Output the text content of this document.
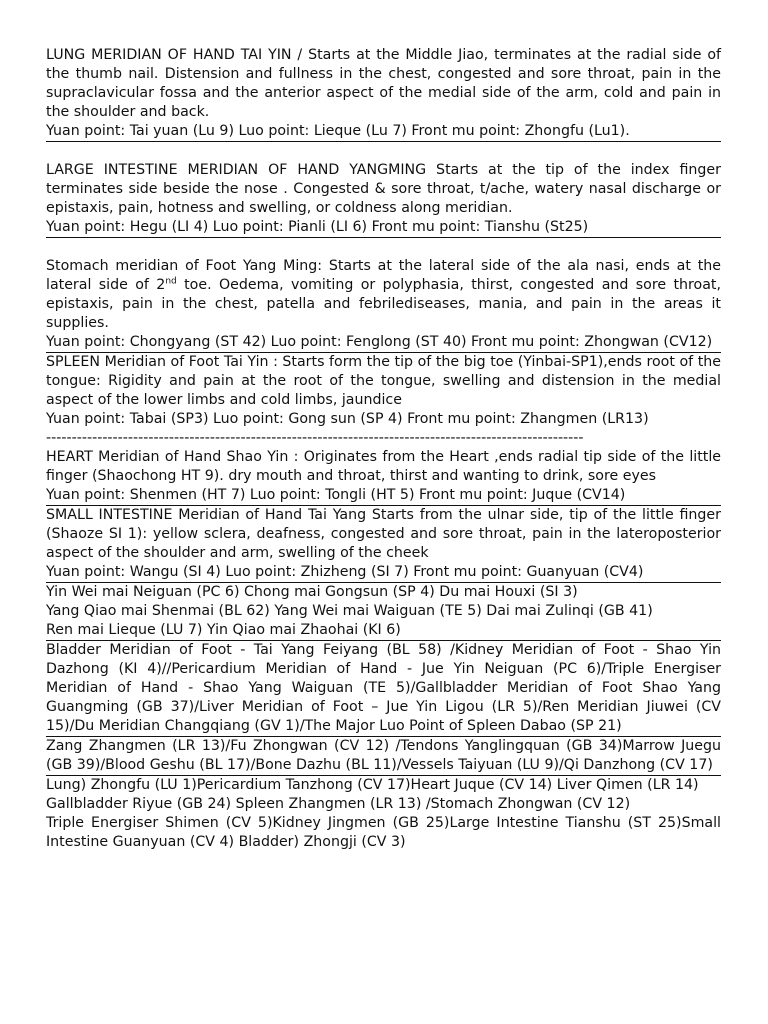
LUNG MERIDIAN OF HAND TAI YIN / Starts at the Middle Jiao, terminates at the radial side of the thumb nail. Distension and fullness in the chest, congested and sore throat, pain in the supraclavicular fossa and the anterior aspect of the medial side of the arm, cold and pain in the shoulder and back.

Yuan point: Tai yuan (Lu 9) Luo point: Lieque (Lu 7) Front mu point: Zhongfu (Lu1).

LARGE INTESTINE MERIDIAN OF HAND YANGMING Starts at the tip of the index finger terminates side beside the nose . Congested & sore throat, t/ache, watery nasal discharge or epistaxis, pain, hotness and swelling, or coldness along meridian.

Yuan point: Hegu (LI 4) Luo point: Pianli (LI 6) Front mu point: Tianshu (St25)

Stomach meridian of Foot Yang Ming: Starts at the lateral side of the ala nasi, ends at the lateral side of 2nd toe. Oedema, vomiting or polyphasia, thirst, congested and sore throat, epistaxis, pain in the chest, patella and febrilediseases, mania, and pain in the areas it supplies.

Yuan point: Chongyang (ST 42) Luo point: Fenglong (ST 40) Front mu point: Zhongwan (CV12)

SPLEEN Meridian of Foot Tai Yin : Starts form the tip of the big toe (Yinbai-SP1),ends root of the tongue: Rigidity and pain at the root of the tongue, swelling and distension in the medial aspect of the lower limbs and cold limbs, jaundice

Yuan point: Tabai (SP3) Luo point: Gong sun (SP 4) Front mu point: Zhangmen (LR13)

---------------------------------------------------------------------------------------------------------

HEART Meridian of Hand Shao Yin : Originates from the Heart ,ends radial tip side of the little finger (Shaochong HT 9). dry mouth and throat, thirst and wanting to drink, sore eyes

Yuan point: Shenmen (HT 7) Luo point: Tongli (HT 5) Front mu point: Juque (CV14)

SMALL INTESTINE Meridian of Hand Tai Yang Starts from the ulnar side, tip of the little finger (Shaoze SI 1): yellow sclera, deafness, congested and sore throat, pain in the lateroposterior aspect of the shoulder and arm, swelling of the cheek

Yuan point: Wangu (SI 4) Luo point: Zhizheng (SI 7) Front mu point: Guanyuan (CV4)

Yin Wei mai Neiguan (PC 6) Chong mai Gongsun (SP 4) Du mai Houxi (SI 3)

Yang Qiao mai Shenmai (BL 62) Yang Wei mai Waiguan (TE 5) Dai mai Zulinqi (GB 41)

Ren mai Lieque (LU 7) Yin Qiao mai Zhaohai (KI 6)

Bladder Meridian of Foot - Tai Yang Feiyang (BL 58) /Kidney Meridian of Foot - Shao Yin Dazhong (KI 4)//Pericardium Meridian of Hand - Jue Yin Neiguan (PC 6)/Triple Energiser Meridian of Hand - Shao Yang Waiguan (TE 5)/Gallbladder Meridian of Foot Shao Yang Guangming (GB 37)/Liver Meridian of Foot – Jue Yin Ligou (LR 5)/Ren Meridian Jiuwei (CV 15)/Du Meridian Changqiang (GV 1)/The Major Luo Point of Spleen Dabao (SP 21)

Zang Zhangmen (LR 13)/Fu Zhongwan (CV 12) /Tendons Yanglingquan (GB 34)Marrow Juegu (GB 39)/Blood Geshu (BL 17)/Bone Dazhu (BL 11)/Vessels Taiyuan (LU 9)/Qi Danzhong (CV 17)

Lung) Zhongfu (LU 1)Pericardium Tanzhong (CV 17)Heart Juque (CV 14) Liver Qimen (LR 14)

Gallbladder Riyue (GB 24) Spleen Zhangmen (LR 13) /Stomach Zhongwan (CV 12)

Triple Energiser Shimen (CV 5)Kidney Jingmen (GB 25)Large Intestine Tianshu (ST 25)Small Intestine Guanyuan (CV 4) Bladder) Zhongji (CV 3)
